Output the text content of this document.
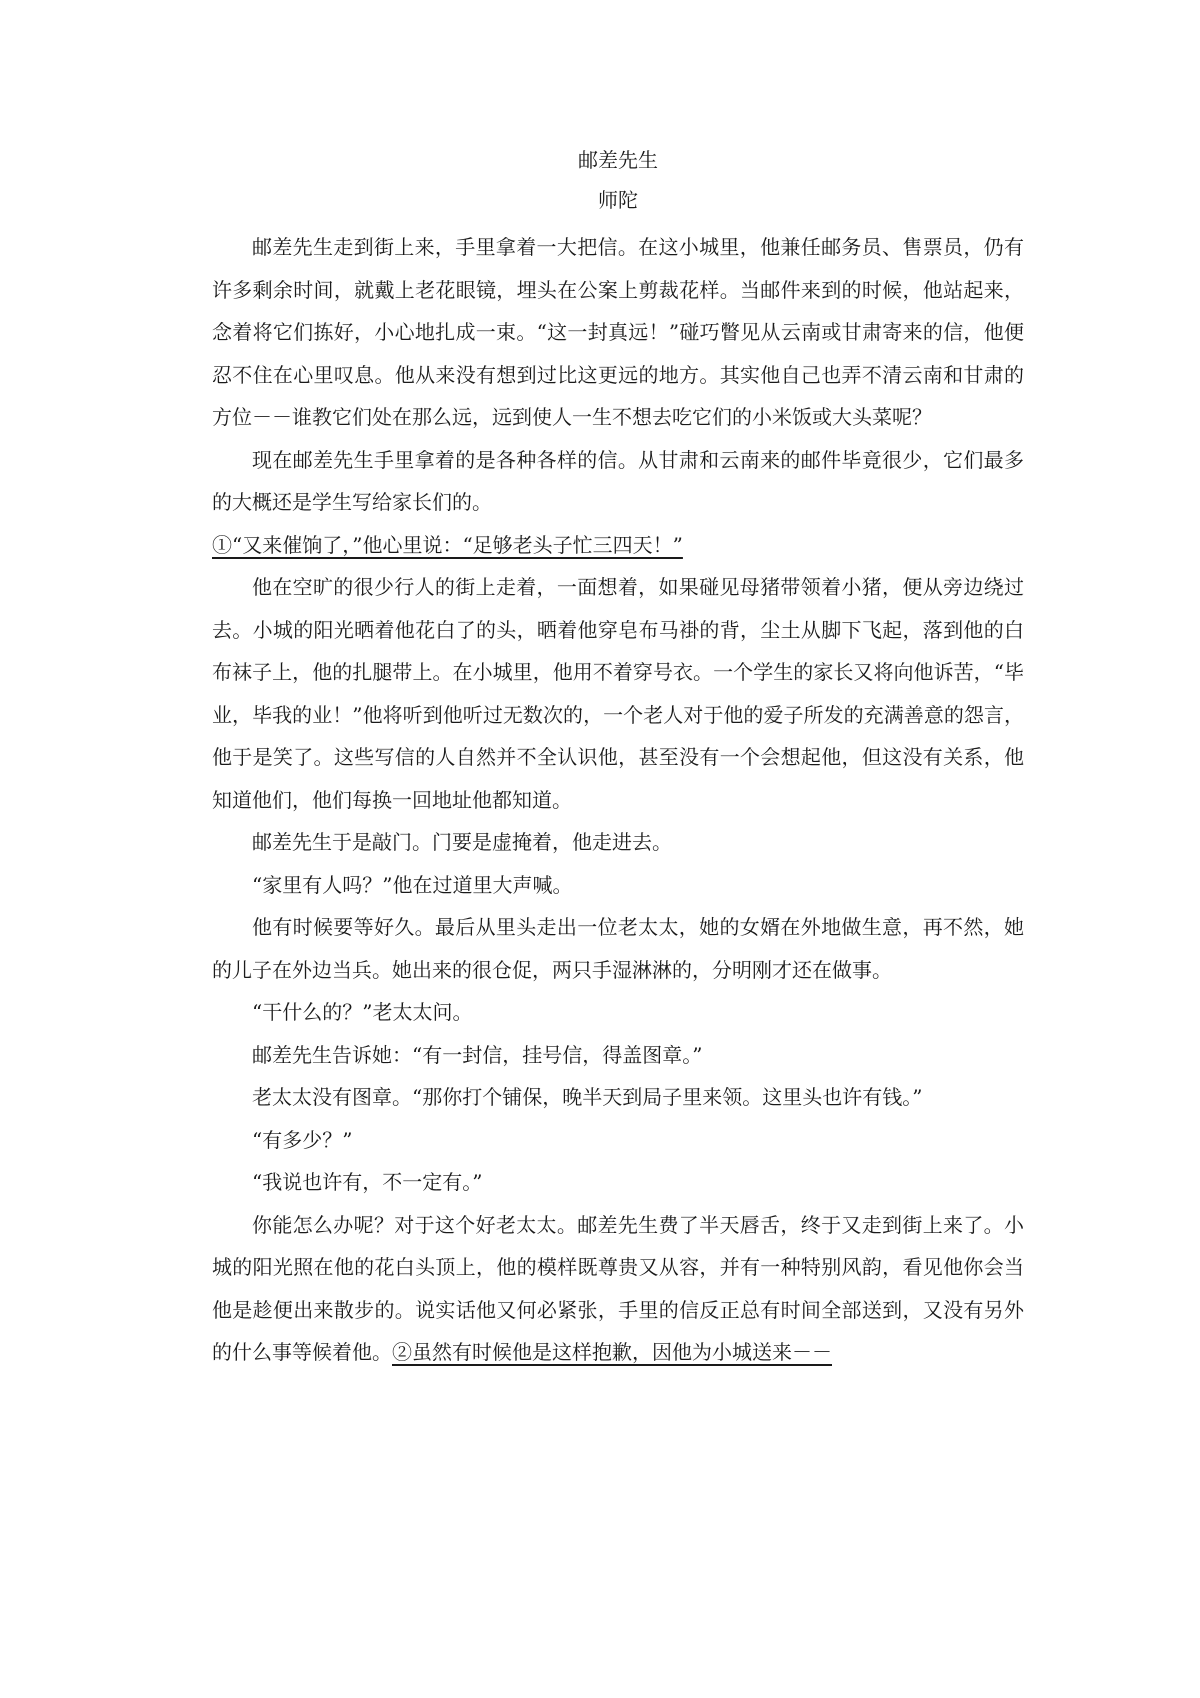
邮差先生
师陀

邮差先生走到街上来，手里拿着一大把信。在这小城里，他兼任邮务员、售票员，仍有许多剩余时间，就戴上老花眼镜，埋头在公案上剪裁花样。当邮件来到的时候，他站起来，念着将它们拣好，小心地扎成一束。“这一封真远！”碰巧瞥见从云南或甘肃寄来的信，他便忍不住在心里叹息。他从来没有想到过比这更远的地方。其实他自己也弄不清云南和甘肃的方位－－谁教它们处在那么远，远到使人一生不想去吃它们的小米饭或大头菜呢？

现在邮差先生手里拿着的是各种各样的信。从甘肃和云南来的邮件毕竟很少，它们最多的大概还是学生写给家长们的。

①“又来催饷了，”他心里说：“足够老头子忙三四天！”

他在空旷的很少行人的街上走着，一面想着，如果碰见母猪带领着小猪，便从旁边绕过去。小城的阳光晒着他花白了的头，晒着他穿皂布马褂的背，尘土从脚下飞起，落到他的白布袜子上，他的扎腿带上。在小城里，他用不着穿号衣。一个学生的家长又将向他诉苦，“毕业，毕我的业！”他将听到他听过无数次的，一个老人对于他的爱子所发的充满善意的怨言，他于是笑了。这些写信的人自然并不全认识他，甚至没有一个会想起他，但这没有关系，他知道他们，他们每换一回地址他都知道。

邮差先生于是敲门。门要是虚掩着，他走进去。

“家里有人吗？”他在过道里大声喊。

他有时候要等好久。最后从里头走出一位老太太，她的女婿在外地做生意，再不然，她的儿子在外边当兵。她出来的很仓促，两只手湿淋淋的，分明刚才还在做事。

“干什么的？”老太太问。

邮差先生告诉她：“有一封信，挂号信，得盖图章。”

老太太没有图章。“那你打个铺保，晚半天到局子里来领。这里头也许有钱。”

“有多少？”

“我说也许有，不一定有。”

你能怎么办呢？对于这个好老太太。邮差先生费了半天唇舌，终于又走到街上来了。小城的阳光照在他的花白头顶上，他的模样既尊贵又从容，并有一种特别风韵，看见他你会当他是趁便出来散步的。说实话他又何必紧张，手里的信反正总有时间全部送到，又没有另外的什么事等候着他。②虽然有时候他是这样抱歉，因他为小城送来－－
